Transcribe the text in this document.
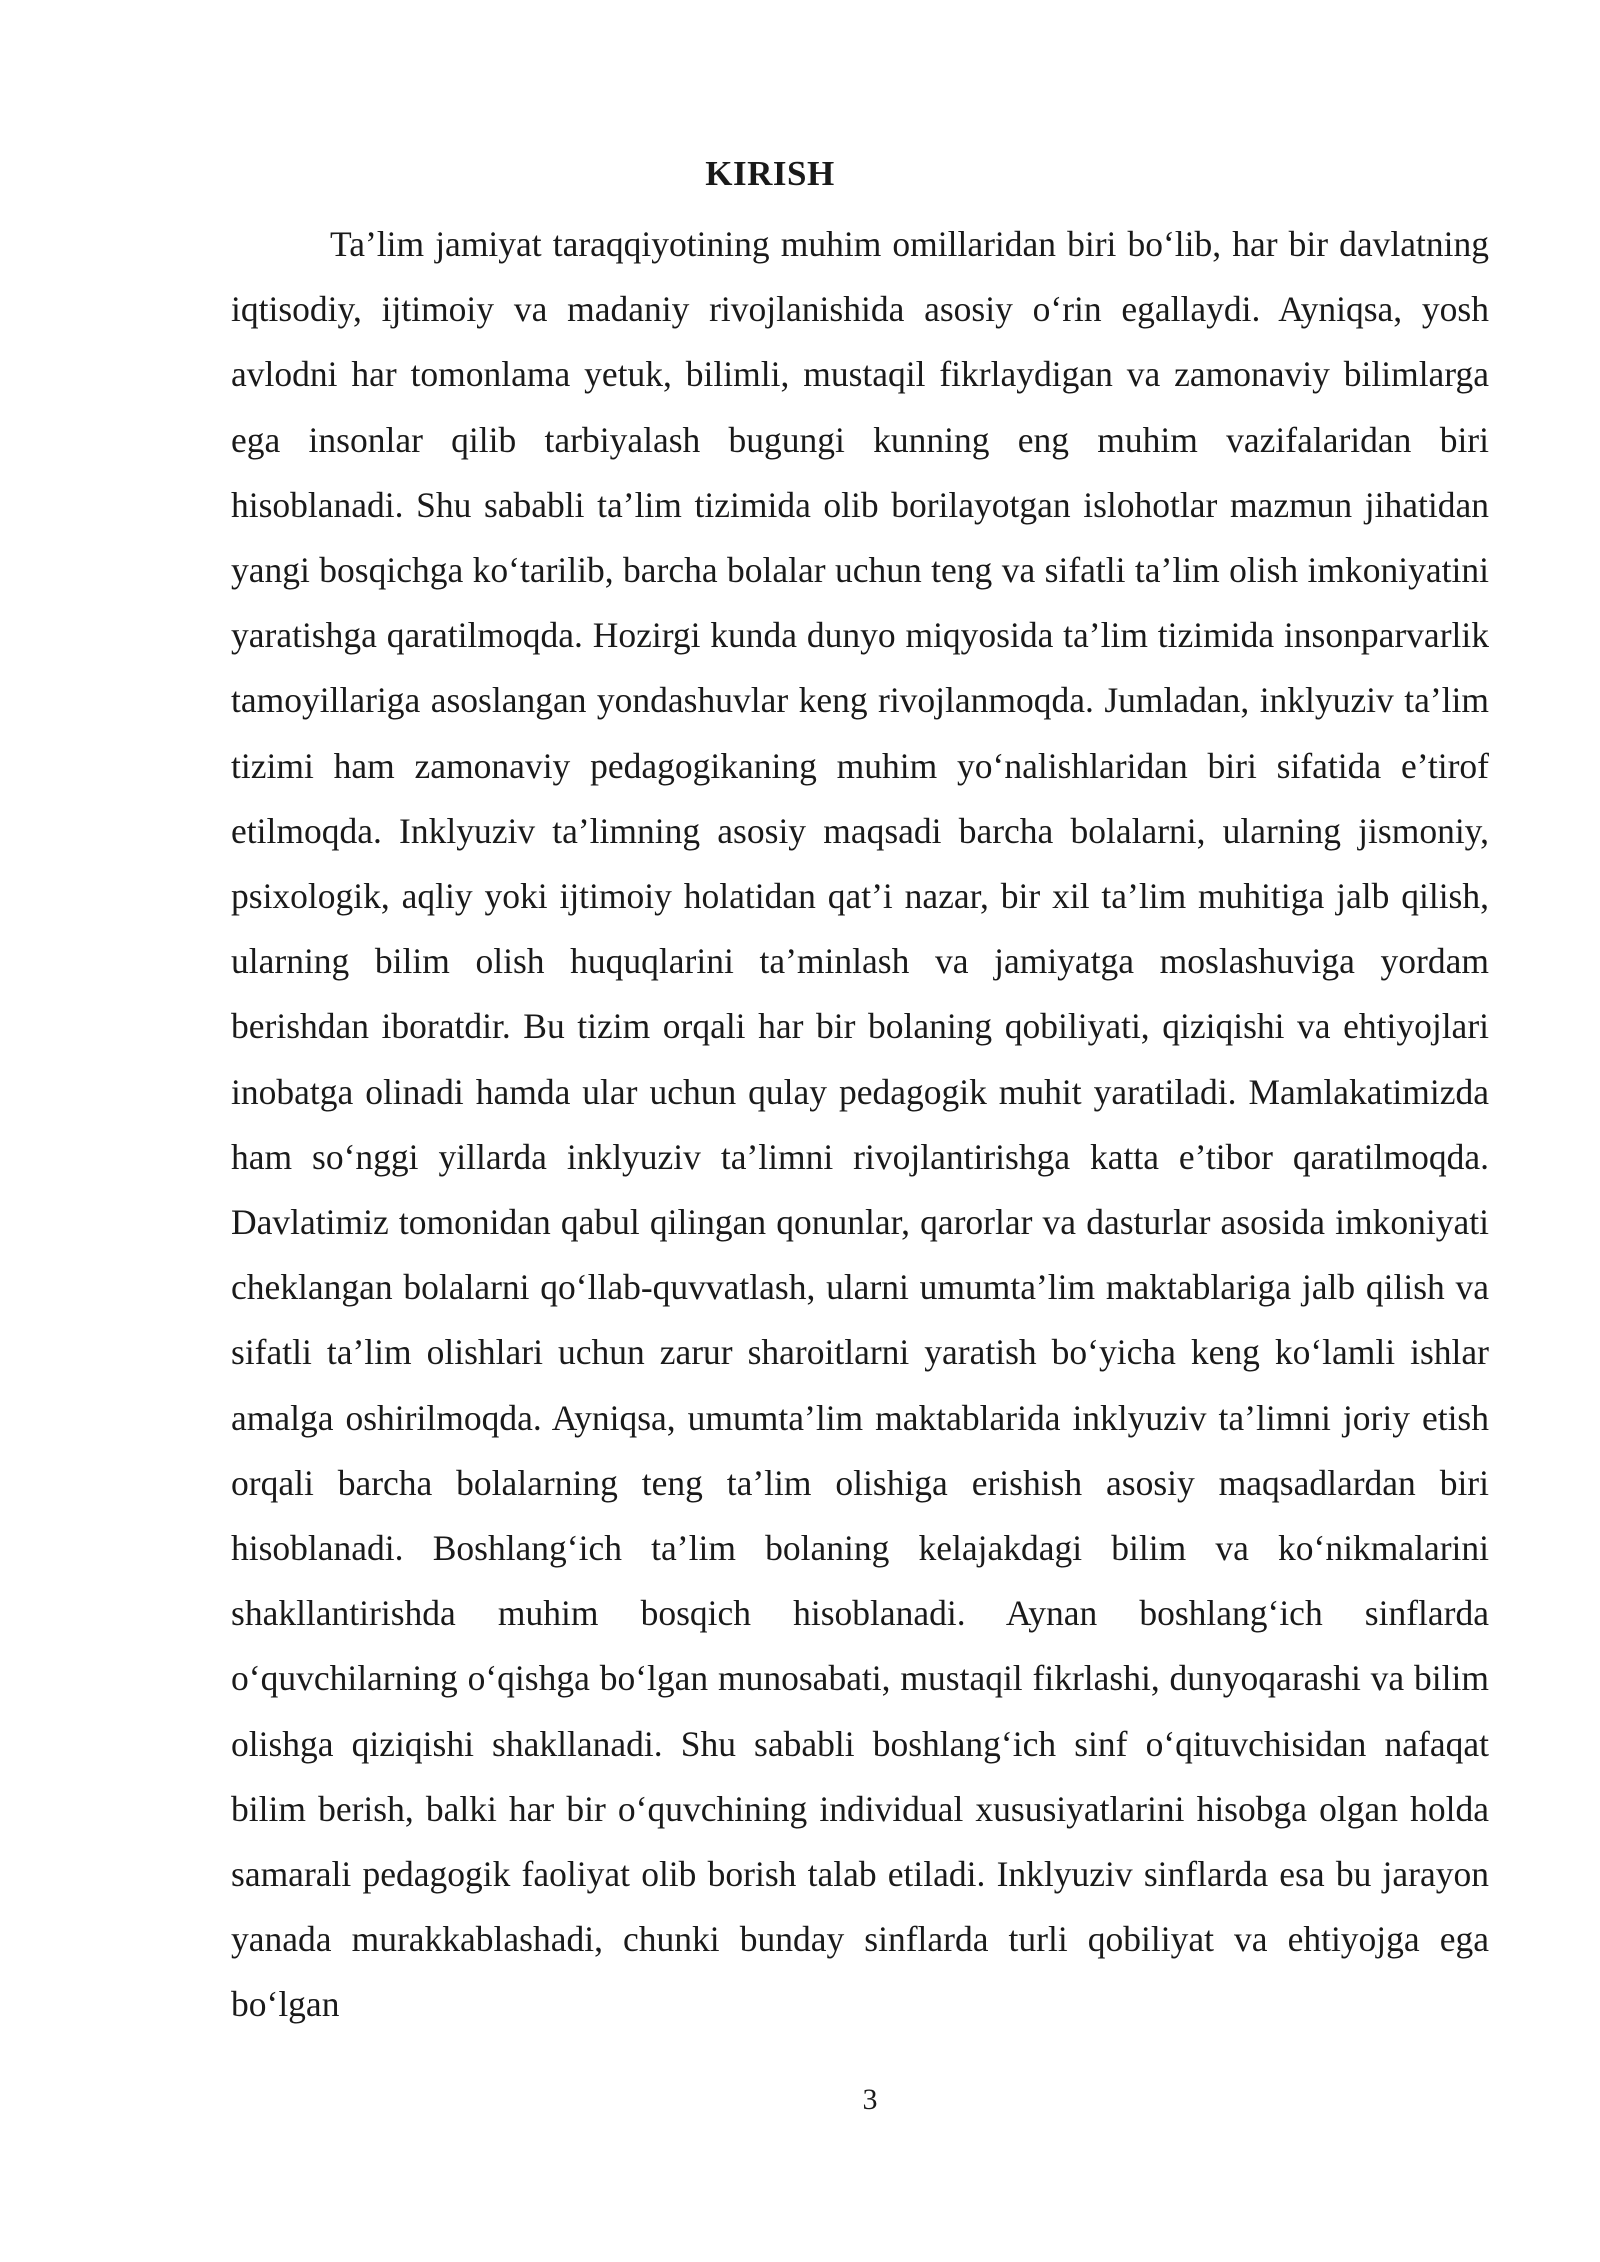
KIRISH

Ta’lim jamiyat taraqqiyotining muhim omillaridan biri bo‘lib, har bir davlatning iqtisodiy, ijtimoiy va madaniy rivojlanishida asosiy o‘rin egallaydi. Ayniqsa, yosh avlodni har tomonlama yetuk, bilimli, mustaqil fikrlaydigan va zamonaviy bilimlarga ega insonlar qilib tarbiyalash bugungi kunning eng muhim vazifalaridan biri hisoblanadi. Shu sababli ta’lim tizimida olib borilayotgan islohotlar mazmun jihatidan yangi bosqichga ko‘tarilib, barcha bolalar uchun teng va sifatli ta’lim olish imkoniyatini yaratishga qaratilmoqda. Hozirgi kunda dunyo miqyosida ta’lim tizimida insonparvarlik tamoyillariga asoslangan yondashuvlar keng rivojlanmoqda. Jumladan, inklyuziv ta’lim tizimi ham zamonaviy pedagogikaning muhim yo‘nalishlaridan biri sifatida e’tirof etilmoqda. Inklyuziv ta’limning asosiy maqsadi barcha bolalarni, ularning jismoniy, psixologik, aqliy yoki ijtimoiy holatidan qat’i nazar, bir xil ta’lim muhitiga jalb qilish, ularning bilim olish huquqlarini ta’minlash va jamiyatga moslashuviga yordam berishdan iboratdir. Bu tizim orqali har bir bolaning qobiliyati, qiziqishi va ehtiyojlari inobatga olinadi hamda ular uchun qulay pedagogik muhit yaratiladi. Mamlakatimizda ham so‘nggi yillarda inklyuziv ta’limni rivojlantirishga katta e’tibor qaratilmoqda. Davlatimiz tomonidan qabul qilingan qonunlar, qarorlar va dasturlar asosida imkoniyati cheklangan bolalarni qo‘llab-quvvatlash, ularni umumta’lim maktablariga jalb qilish va sifatli ta’lim olishlari uchun zarur sharoitlarni yaratish bo‘yicha keng ko‘lamli ishlar amalga oshirilmoqda. Ayniqsa, umumta’lim maktablarida inklyuziv ta’limni joriy etish orqali barcha bolalarning teng ta’lim olishiga erishish asosiy maqsadlardan biri hisoblanadi. Boshlang‘ich ta’lim bolaning kelajakdagi bilim va ko‘nikmalarini shakllantirishda muhim bosqich hisoblanadi. Aynan boshlang‘ich sinflarda o‘quvchilarning o‘qishga bo‘lgan munosabati, mustaqil fikrlashi, dunyoqarashi va bilim olishga qiziqishi shakllanadi. Shu sababli boshlang‘ich sinf o‘qituvchisidan nafaqat bilim berish, balki har bir o‘quvchining individual xususiyatlarini hisobga olgan holda samarali pedagogik faoliyat olib borish talab etiladi. Inklyuziv sinflarda esa bu jarayon yanada murakkablashadi, chunki bunday sinflarda turli qobiliyat va ehtiyojga ega bo‘lgan

3
